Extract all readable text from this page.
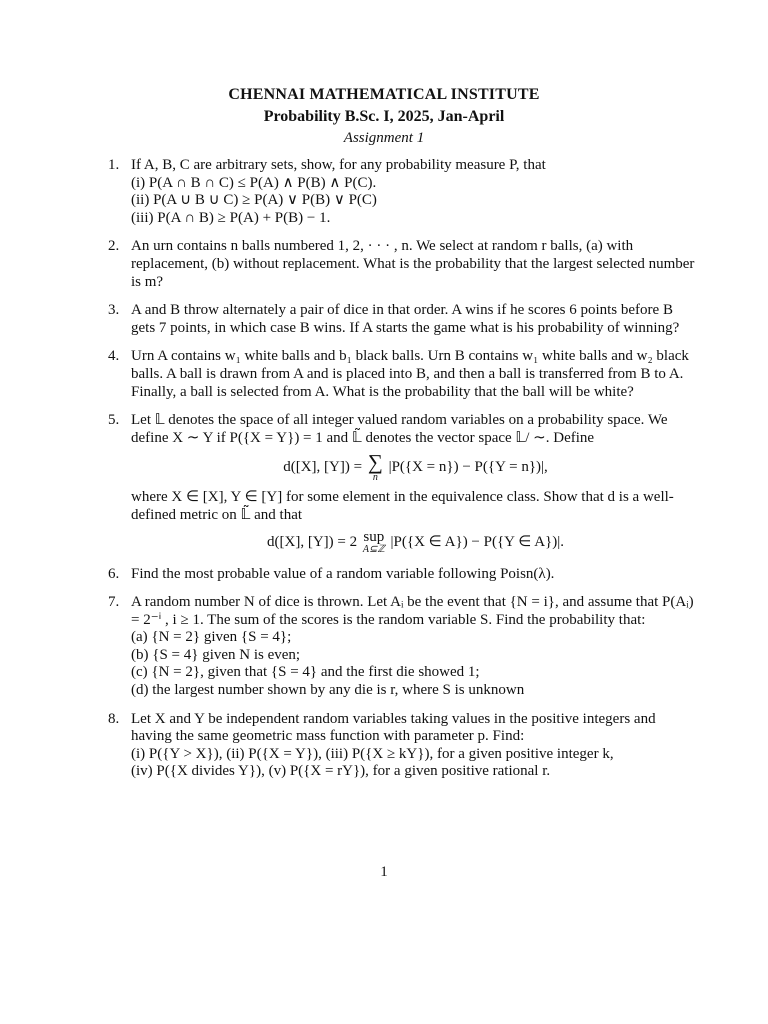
CHENNAI MATHEMATICAL INSTITUTE
Probability B.Sc. I, 2025, Jan-April
Assignment 1
1. If A, B, C are arbitrary sets, show, for any probability measure P, that
(i) P(A ∩ B ∩ C) ≤ P(A) ∧ P(B) ∧ P(C).
(ii) P(A ∪ B ∪ C) ≥ P(A) ∨ P(B) ∨ P(C)
(iii) P(A ∩ B) ≥ P(A) + P(B) − 1.
2. An urn contains n balls numbered 1, 2, · · · , n. We select at random r balls, (a) with replacement, (b) without replacement. What is the probability that the largest selected number is m?
3. A and B throw alternately a pair of dice in that order. A wins if he scores 6 points before B gets 7 points, in which case B wins. If A starts the game what is his probability of winning?
4. Urn A contains w₁ white balls and b₁ black balls. Urn B contains w₁ white balls and w₂ black balls. A ball is drawn from A and is placed into B, and then a ball is transferred from B to A. Finally, a ball is selected from A. What is the probability that the ball will be white?
5. Let 𝕃 denotes the space of all integer valued random variables on a probability space. We define X ∼ Y if P({X = Y}) = 1 and 𝕃̃ denotes the vector space 𝕃/ ∼. Define
d([X], [Y]) = ∑
n
|P({X = n}) − P({Y = n})|,
where X ∈ [X], Y ∈ [Y] for some element in the equivalence class. Show that d is a well-defined metric on 𝕃̃ and that
d([X], [Y]) = 2 sup
A⊆ℤ |P({X ∈ A}) − P({Y ∈ A})|.
6. Find the most probable value of a random variable following Poisn(λ).
7. A random number N of dice is thrown. Let Aᵢ be the event that {N = i}, and assume that P(Aᵢ) = 2⁻ⁱ , i ≥ 1. The sum of the scores is the random variable S. Find the probability that:
(a) {N = 2} given {S = 4};
(b) {S = 4} given N is even;
(c) {N = 2}, given that {S = 4} and the first die showed 1;
(d) the largest number shown by any die is r, where S is unknown
8. Let X and Y be independent random variables taking values in the positive integers and having the same geometric mass function with parameter p. Find:
(i) P({Y > X}), (ii) P({X = Y}), (iii) P({X ≥ kY}), for a given positive integer k,
(iv) P({X divides Y}), (v) P({X = rY}), for a given positive rational r.
1
